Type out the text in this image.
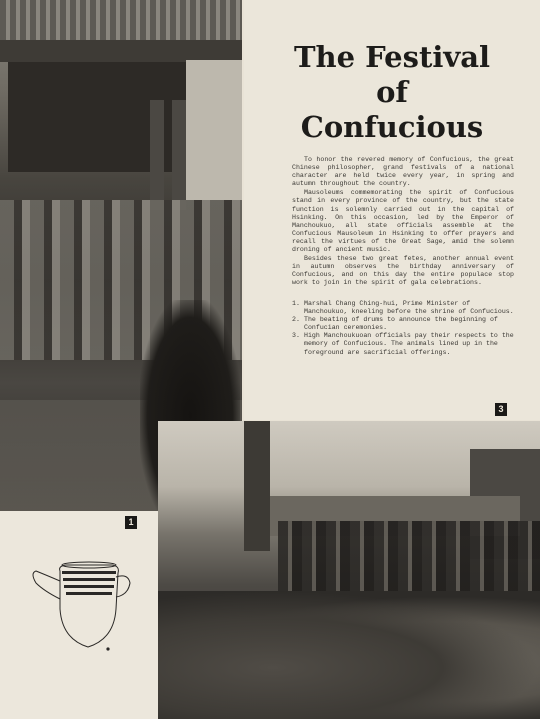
The Festival
of
Confucious

To honor the revered memory of Confucious, the great Chinese philosopher, grand festivals of a national character are held twice every year, in spring and autumn throughout the country.

Mausoleums commemorating the spirit of Confucious stand in every province of the country, but the state function is solemnly carried out in the capital of Hsinking. On this occasion, led by the Emperor of Manchoukuo, all state officials assemble at the Confucious Mausoleum in Hsinking to offer prayers and recall the virtues of the Great Sage, amid the solemn droning of ancient music.

Besides these two great fetes, another annual event in autumn observes the birthday anniversary of Confucious, and on this day the entire populace stop work to join in the spirit of gala celebrations.

1. Marshal Chang Ching-hui, Prime Minister of Manchoukuo, kneeling before the shrine of Confucious.
2. The beating of drums to announce the beginning of Confucian ceremonies.
3. High Manchoukuoan officials pay their respects to the memory of Confucious. The animals lined up in the foreground are sacrificial offerings.
3
1
